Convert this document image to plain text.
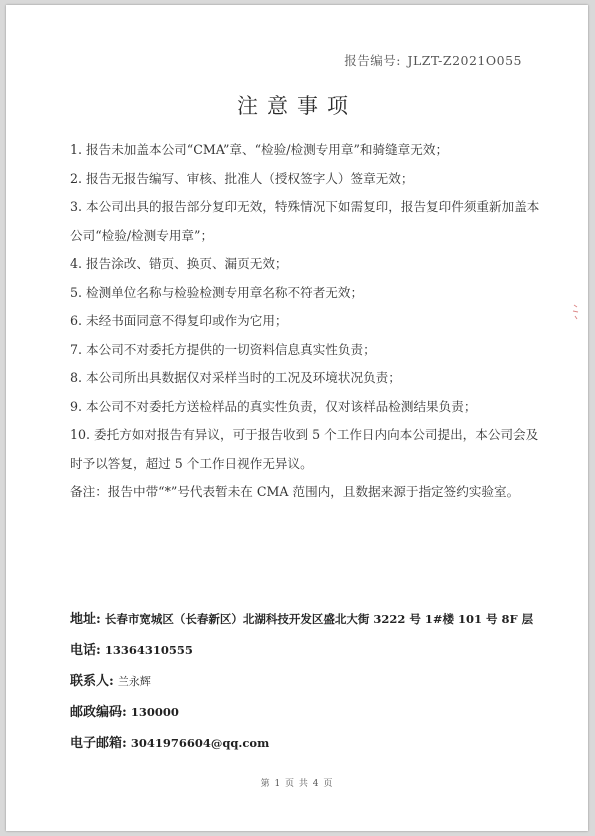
报告编号: JLZT-Z2021O055
注意事项

1. 报告未加盖本公司“CMA”章、“检验/检测专用章”和骑缝章无效；

2. 报告无报告编写、审核、批准人（授权签字人）签章无效；

3. 本公司出具的报告部分复印无效，特殊情况下如需复印，报告复印件须重新加盖本公司“检验/检测专用章”；

4. 报告涂改、错页、换页、漏页无效；

5. 检测单位名称与检验检测专用章名称不符者无效；

6. 未经书面同意不得复印或作为它用；

7. 本公司不对委托方提供的一切资料信息真实性负责；

8. 本公司所出具数据仅对采样当时的工况及环境状况负责；

9. 本公司不对委托方送检样品的真实性负责，仅对该样品检测结果负责；

10. 委托方如对报告有异议，可于报告收到 5 个工作日内向本公司提出，本公司会及时予以答复，超过 5 个工作日视作无异议。

备注：报告中带“*”号代表暂未在 CMA 范围内，且数据来源于指定签约实验室。

地址: 长春市宽城区（长春新区）北湖科技开发区盛北大街 3222 号 1#楼 101 号 8F 层
电话: 13364310555
联系人: 兰永辉
邮政编码: 130000
电子邮箱: 3041976604@qq.com
第 1 页 共 4 页
